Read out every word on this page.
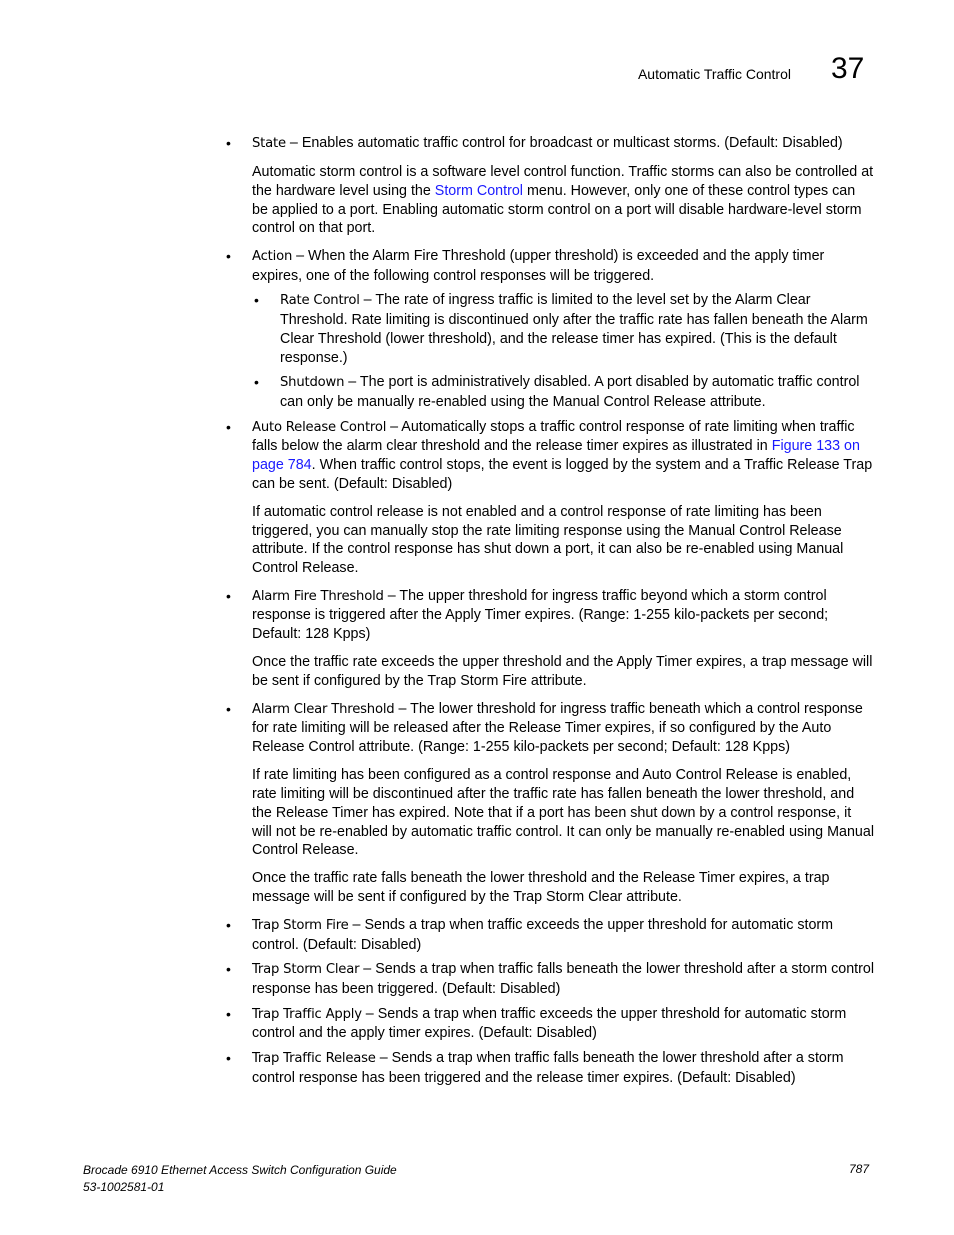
Automatic Traffic Control 37
• State – Enables automatic traffic control for broadcast or multicast storms. (Default: Disabled)

Automatic storm control is a software level control function. Traffic storms can also be controlled at the hardware level using the Storm Control menu. However, only one of these control types can be applied to a port. Enabling automatic storm control on a port will disable hardware-level storm control on that port.

• Action – When the Alarm Fire Threshold (upper threshold) is exceeded and the apply timer expires, one of the following control responses will be triggered.

• Rate Control – The rate of ingress traffic is limited to the level set by the Alarm Clear Threshold. Rate limiting is discontinued only after the traffic rate has fallen beneath the Alarm Clear Threshold (lower threshold), and the release timer has expired. (This is the default response.)

• Shutdown – The port is administratively disabled. A port disabled by automatic traffic control can only be manually re-enabled using the Manual Control Release attribute.

• Auto Release Control – Automatically stops a traffic control response of rate limiting when traffic falls below the alarm clear threshold and the release timer expires as illustrated in Figure 133 on page 784. When traffic control stops, the event is logged by the system and a Traffic Release Trap can be sent. (Default: Disabled)

If automatic control release is not enabled and a control response of rate limiting has been triggered, you can manually stop the rate limiting response using the Manual Control Release attribute. If the control response has shut down a port, it can also be re-enabled using Manual Control Release.

• Alarm Fire Threshold – The upper threshold for ingress traffic beyond which a storm control response is triggered after the Apply Timer expires. (Range: 1-255 kilo-packets per second; Default: 128 Kpps)

Once the traffic rate exceeds the upper threshold and the Apply Timer expires, a trap message will be sent if configured by the Trap Storm Fire attribute.

• Alarm Clear Threshold – The lower threshold for ingress traffic beneath which a control response for rate limiting will be released after the Release Timer expires, if so configured by the Auto Release Control attribute. (Range: 1-255 kilo-packets per second; Default: 128 Kpps)

If rate limiting has been configured as a control response and Auto Control Release is enabled, rate limiting will be discontinued after the traffic rate has fallen beneath the lower threshold, and the Release Timer has expired. Note that if a port has been shut down by a control response, it will not be re-enabled by automatic traffic control. It can only be manually re-enabled using Manual Control Release.

Once the traffic rate falls beneath the lower threshold and the Release Timer expires, a trap message will be sent if configured by the Trap Storm Clear attribute.

• Trap Storm Fire – Sends a trap when traffic exceeds the upper threshold for automatic storm control. (Default: Disabled)

• Trap Storm Clear – Sends a trap when traffic falls beneath the lower threshold after a storm control response has been triggered. (Default: Disabled)

• Trap Traffic Apply – Sends a trap when traffic exceeds the upper threshold for automatic storm control and the apply timer expires. (Default: Disabled)

• Trap Traffic Release – Sends a trap when traffic falls beneath the lower threshold after a storm control response has been triggered and the release timer expires. (Default: Disabled)

Brocade 6910 Ethernet Access Switch Configuration Guide
53-1002581-01
787
